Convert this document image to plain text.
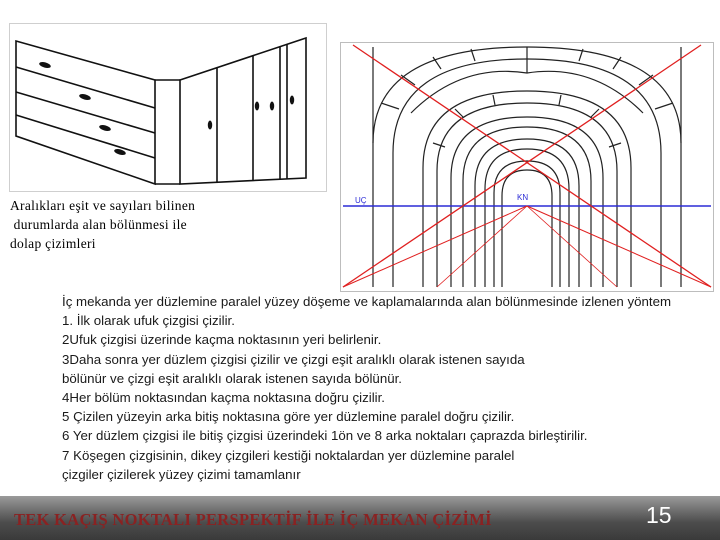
Aralıkları eşit ve sayıları bilinen
durumlarda alan bölünmesi ile
dolap çizimleri
UÇ	KN
İç mekanda yer düzlemine paralel yüzey döşeme ve kaplamalarında alan bölünmesinde izlenen yöntem
1. İlk olarak ufuk çizgisi çizilir.
2Ufuk çizgisi üzerinde kaçma noktasının yeri belirlenir.
3Daha sonra yer düzlem çizgisi çizilir ve çizgi eşit aralıklı olarak istenen sayıda
bölünür ve çizgi eşit aralıklı olarak istenen sayıda bölünür.
4Her bölüm noktasından kaçma noktasına doğru çizilir.
5 Çizilen yüzeyin arka bitiş noktasına göre yer düzlemine paralel doğru çizilir.
6 Yer düzlem çizgisi ile bitiş çizgisi üzerindeki 1ön ve 8 arka noktaları çaprazda birleştirilir.
7 Köşegen çizgisinin, dikey çizgileri kestiği noktalardan yer düzlemine paralel
çizgiler çizilerek yüzey çizimi tamamlanır
TEK KAÇIŞ NOKTALI PERSPEKTİF İLE İÇ MEKAN ÇİZİMİ	15
